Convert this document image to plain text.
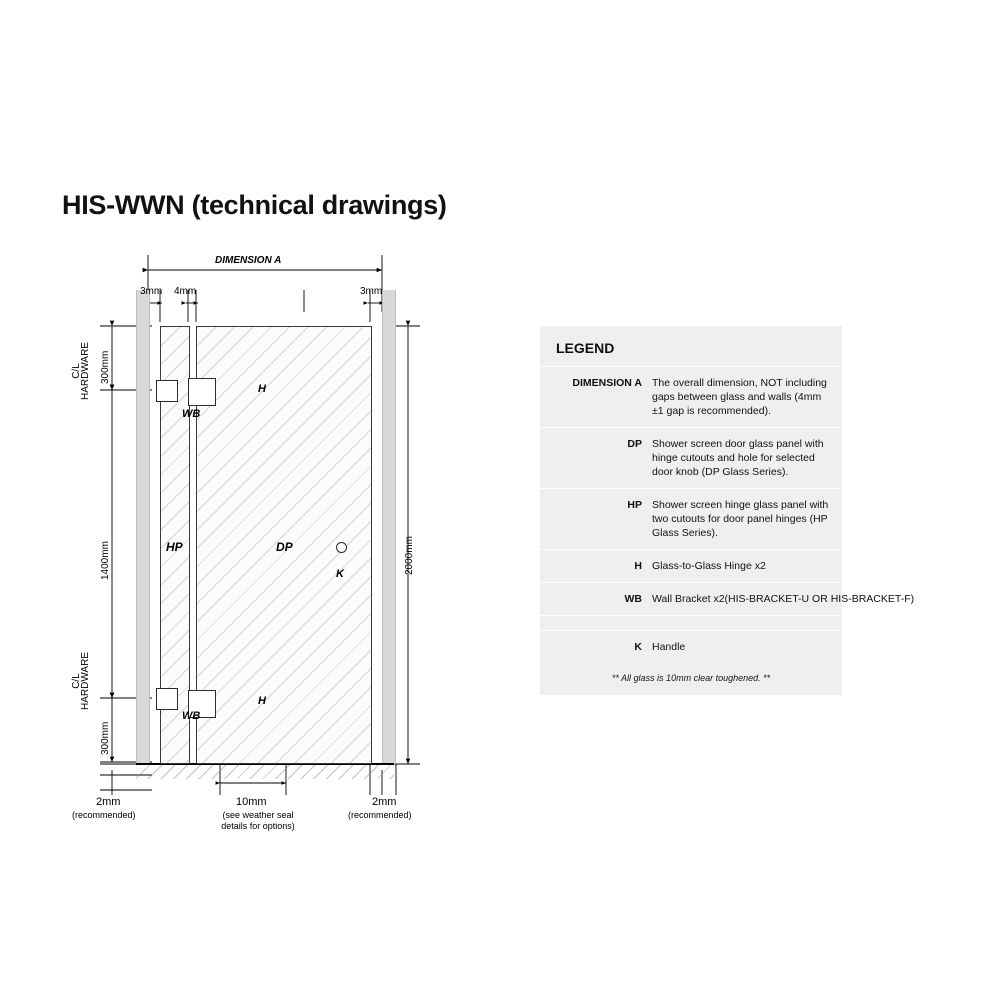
HIS-WWN (technical drawings)
DIMENSION A
3mm 4mm	3mm
C/L
HARDWARE 300mm
1400mm
C/L
HARDWARE
300mm
2000mm
HP	DP
WB
WB
H
H
K
2mm
(recommended)
10mm
(see weather seal
details for options)
2mm
(recommended)
LEGEND
DIMENSION A The overall dimension, NOT including gaps between glass and walls (4mm ±1 gap is recommended).
DP Shower screen door glass panel with hinge cutouts and hole for selected door knob (DP Glass Series).
HP Shower screen hinge glass panel with two cutouts for door panel hinges (HP Glass Series).
H Glass-to-Glass Hinge x2
WB Wall Bracket x2(HIS-BRACKET-U OR HIS-BRACKET-F)
K Handle
** All glass is 10mm clear toughened. **
